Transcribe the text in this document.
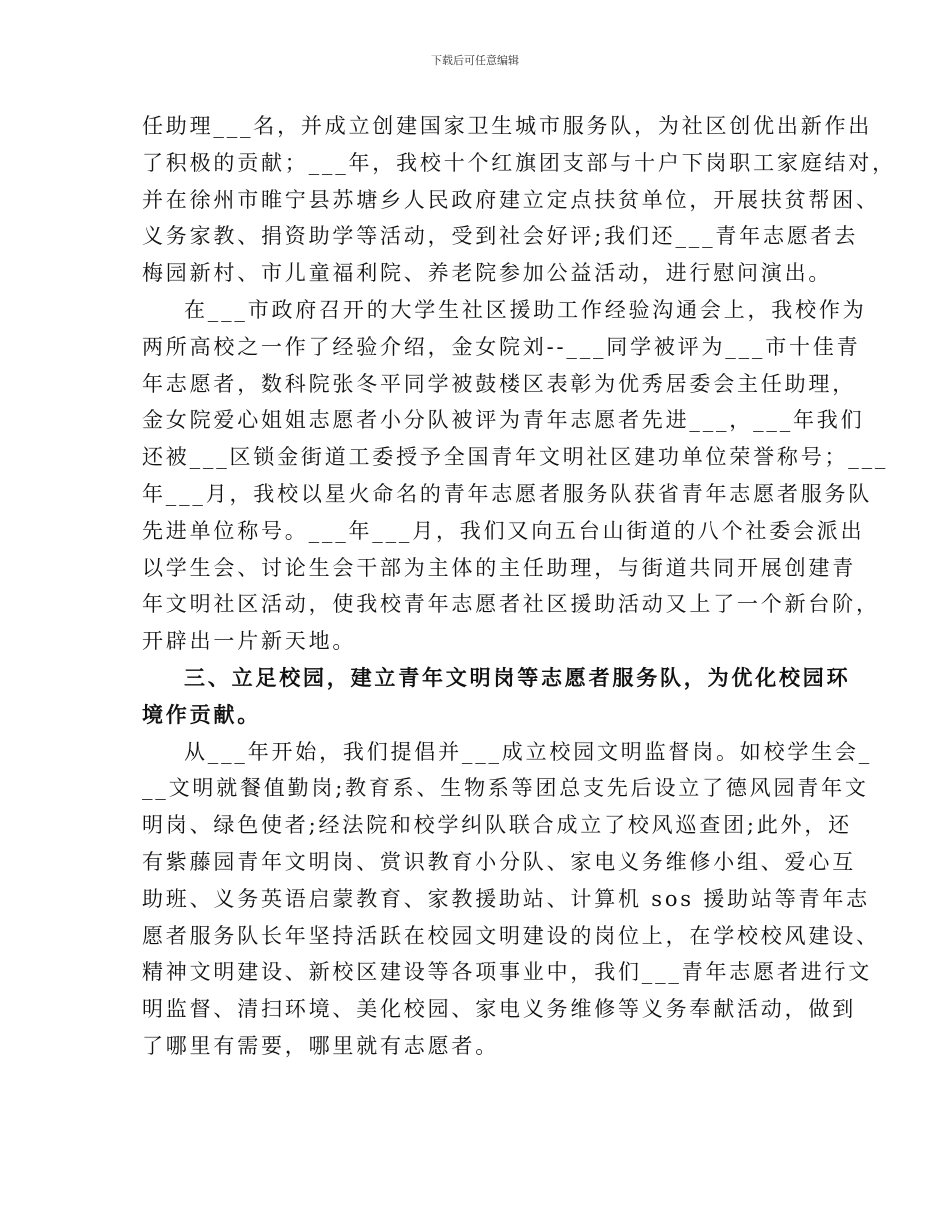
下载后可任意编辑
任助理___名，并成立创建国家卫生城市服务队，为社区创优出新作出
了积极的贡献；___年，我校十个红旗团支部与十户下岗职工家庭结对，
并在徐州市睢宁县苏塘乡人民政府建立定点扶贫单位，开展扶贫帮困、
义务家教、捐资助学等活动，受到社会好评;我们还___青年志愿者去
梅园新村、市儿童福利院、养老院参加公益活动，进行慰问演出。
在___市政府召开的大学生社区援助工作经验沟通会上，我校作为
两所高校之一作了经验介绍，金女院刘--___同学被评为___市十佳青
年志愿者，数科院张冬平同学被鼓楼区表彰为优秀居委会主任助理，
金女院爱心姐姐志愿者小分队被评为青年志愿者先进___，___年我们
还被___区锁金街道工委授予全国青年文明社区建功单位荣誉称号；___
年___月，我校以星火命名的青年志愿者服务队获省青年志愿者服务队
先进单位称号。___年___月，我们又向五台山街道的八个社委会派出
以学生会、讨论生会干部为主体的主任助理，与街道共同开展创建青
年文明社区活动，使我校青年志愿者社区援助活动又上了一个新台阶，
开辟出一片新天地。
三、立足校园，建立青年文明岗等志愿者服务队，为优化校园环
境作贡献。
从___年开始，我们提倡并___成立校园文明监督岗。如校学生会_
__文明就餐值勤岗;教育系、生物系等团总支先后设立了德风园青年文
明岗、绿色使者;经法院和校学纠队联合成立了校风巡查团;此外，还
有紫藤园青年文明岗、赏识教育小分队、家电义务维修小组、爱心互
助班、义务英语启蒙教育、家教援助站、计算机 sos 援助站等青年志
愿者服务队长年坚持活跃在校园文明建设的岗位上，在学校校风建设、
精神文明建设、新校区建设等各项事业中，我们___青年志愿者进行文
明监督、清扫环境、美化校园、家电义务维修等义务奉献活动，做到
了哪里有需要，哪里就有志愿者。
